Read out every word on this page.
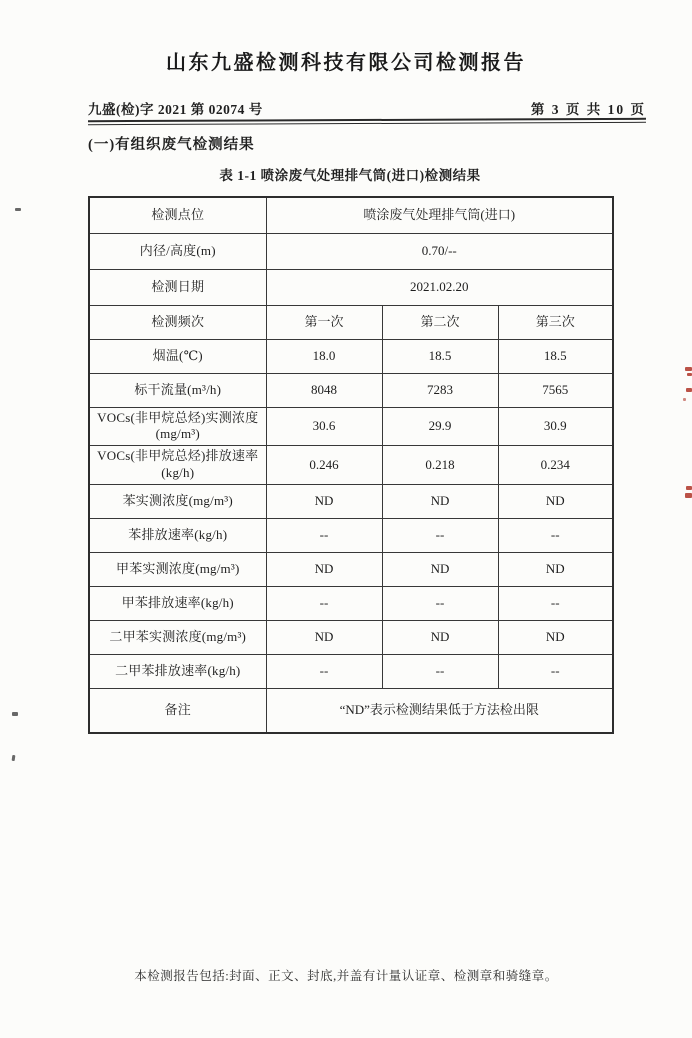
山东九盛检测科技有限公司检测报告
九盛(检)字 2021 第 02074 号	第 3 页 共 10 页
(一)有组织废气检测结果
表 1-1 喷涂废气处理排气筒(进口)检测结果
检测点位	喷涂废气处理排气筒(进口)		
内径/高度(m)	0.70/--		
检测日期	2021.02.20		
检测频次	第一次	第二次	第三次
烟温(℃)	18.0	18.5	18.5
标干流量(m³/h)	8048	7283	7565
VOCs(非甲烷总烃)实测浓度(mg/m³)	30.6	29.9	30.9
VOCs(非甲烷总烃)排放速率(kg/h)	0.246	0.218	0.234
苯实测浓度(mg/m³)	ND	ND	ND
苯排放速率(kg/h)	--	--	--
甲苯实测浓度(mg/m³)	ND	ND	ND
甲苯排放速率(kg/h)	--	--	--
二甲苯实测浓度(mg/m³)	ND	ND	ND
二甲苯排放速率(kg/h)	--	--	--
备注	“ND”表示检测结果低于方法检出限		
本检测报告包括:封面、正文、封底,并盖有计量认证章、检测章和骑缝章。
